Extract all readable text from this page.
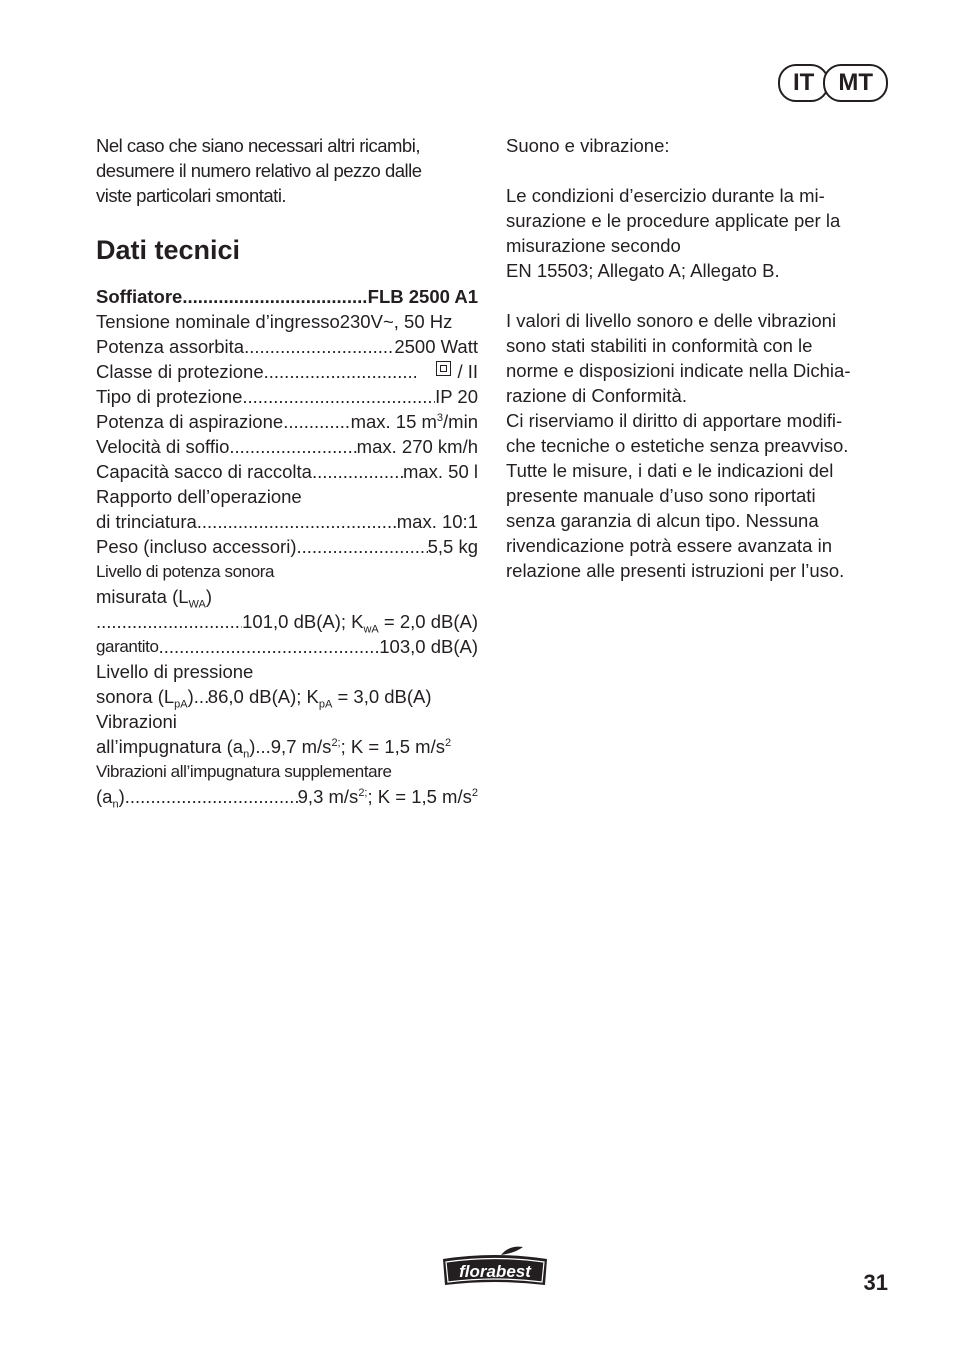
IT	MT
Nel caso che siano necessari altri ricambi,
desumere il numero relativo al pezzo dalle
viste particolari smontati.
Dati tecnici
Soffiatore .....	FLB 2500 A1
Tensione nominale d’ingresso 230V~, 50 Hz
Potenza assorbita .....	2500 Watt
Classe di protezione .....	/ II
Tipo di protezione .....	IP 20
Potenza di aspirazione .....	max. 15 $m^3/\min$
Velocità di soffio .....	max. 270 km/h
Capacità sacco di raccolta .....	max. 50 l
Rapporto dell’operazione
di trinciatura .....	max. 10:1
Peso (incluso accessori) .....	5,5 kg
Livello di potenza sonora
misurata $(L_{WA})$
.....
101,0 dB(A); $K_{wA} = 2,0$ dB(A)
garantito .....	103,0 dB(A)
Livello di pressione
sonora $(L_{pA})$ ..... 86,0 dB(A); $K_{pA} = 3,0$ dB(A)
Vibrazioni
all’impugnatura $(a_n)...9,7$ $m/s^{2;}$; K = 1,5 $m/s^2$
Vibrazioni all’impugnatura supplementare
$(a_n)$ .....	9,3 $m/s^{2;}$; K = 1,5 $m/s^2$
Suono e vibrazione:
Le condizioni d’esercizio durante la mi-
surazione e le procedure applicate per la
misurazione secondo
EN 15503; Allegato A; Allegato B.
I valori di livello sonoro e delle vibrazioni
sono stati stabiliti in conformità con le
norme e disposizioni indicate nella Dichia-
razione di Conformità.
Ci riserviamo il diritto di apportare modifi-
che tecniche o estetiche senza preavviso.
Tutte le misure, i dati e le indicazioni del
presente manuale d’uso sono riportati
senza garanzia di alcun tipo. Nessuna
rivendicazione potrà essere avanzata in
relazione alle presenti istruzioni per l’uso.
florabest	31
